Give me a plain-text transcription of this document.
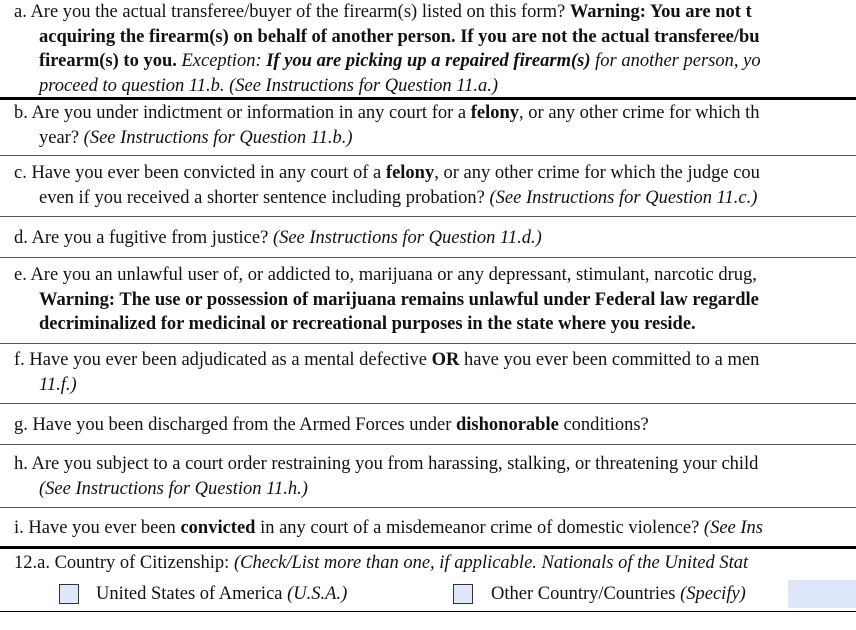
a. Are you the actual transferee/buyer of the firearm(s) listed on this form? Warning: You are not t
acquiring the firearm(s) on behalf of another person. If you are not the actual transferee/bu
firearm(s) to you. Exception: If you are picking up a repaired firearm(s) for another person, yo
proceed to question 11.b. (See Instructions for Question 11.a.)
b. Are you under indictment or information in any court for a felony, or any other crime for which th
year? (See Instructions for Question 11.b.)
c. Have you ever been convicted in any court of a felony, or any other crime for which the judge cou
even if you received a shorter sentence including probation? (See Instructions for Question 11.c.)
d. Are you a fugitive from justice? (See Instructions for Question 11.d.)
e. Are you an unlawful user of, or addicted to, marijuana or any depressant, stimulant, narcotic drug,
Warning: The use or possession of marijuana remains unlawful under Federal law regardle
decriminalized for medicinal or recreational purposes in the state where you reside.
f. Have you ever been adjudicated as a mental defective OR have you ever been committed to a men
11.f.)
g. Have you been discharged from the Armed Forces under dishonorable conditions?
h. Are you subject to a court order restraining you from harassing, stalking, or threatening your child
(See Instructions for Question 11.h.)
i. Have you ever been convicted in any court of a misdemeanor crime of domestic violence? (See Ins
12.a. Country of Citizenship: (Check/List more than one, if applicable. Nationals of the United Stat
United States of America (U.S.A.)	Other Country/Countries (Specify)
